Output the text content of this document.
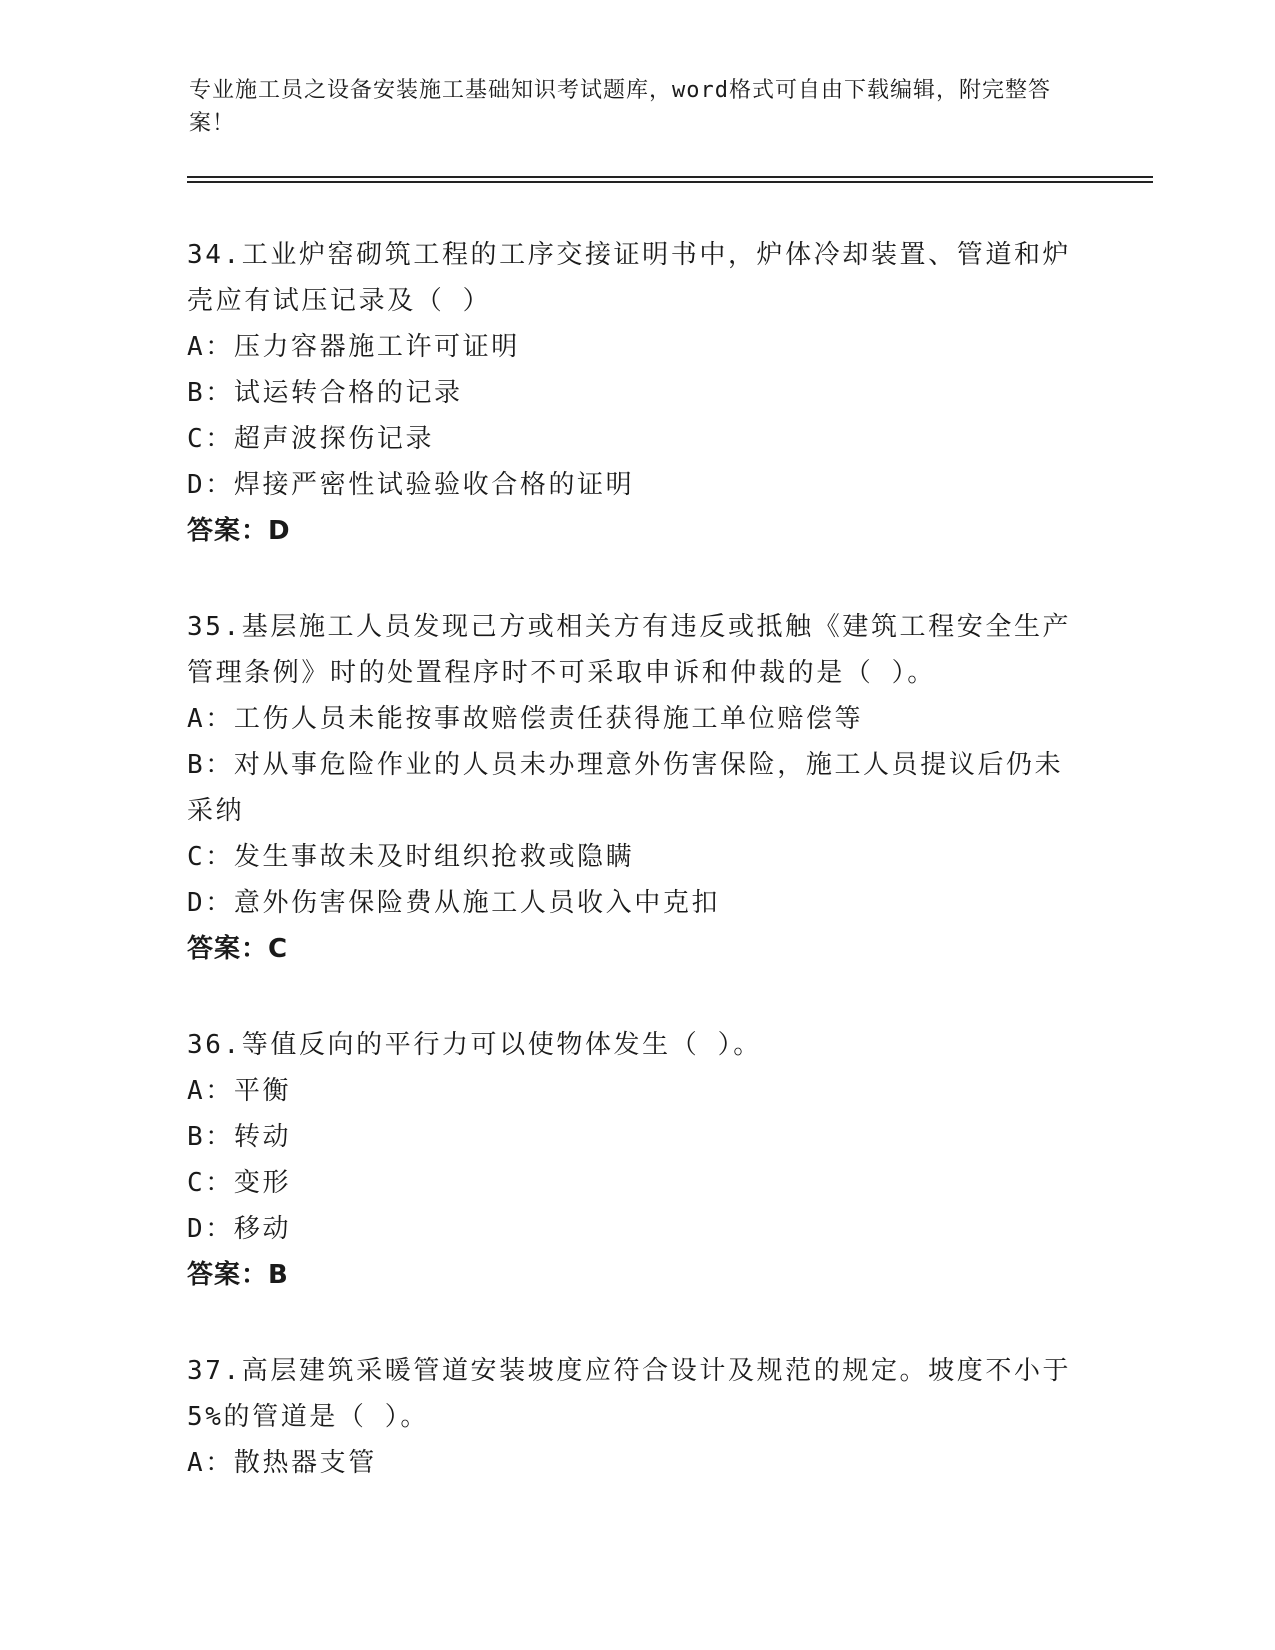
专业施工员之设备安装施工基础知识考试题库，word格式可自由下载编辑，附完整答案！
34.工业炉窑砌筑工程的工序交接证明书中，炉体冷却装置、管道和炉
壳应有试压记录及（ ）
A：压力容器施工许可证明
B：试运转合格的记录
C：超声波探伤记录
D：焊接严密性试验验收合格的证明
答案：D
35.基层施工人员发现己方或相关方有违反或抵触《建筑工程安全生产
管理条例》时的处置程序时不可采取申诉和仲裁的是（ ）。
A：工伤人员未能按事故赔偿责任获得施工单位赔偿等
B：对从事危险作业的人员未办理意外伤害保险，施工人员提议后仍未
采纳
C：发生事故未及时组织抢救或隐瞒
D：意外伤害保险费从施工人员收入中克扣
答案：C
36.等值反向的平行力可以使物体发生（ ）。
A：平衡
B：转动
C：变形
D：移动
答案：B
37.高层建筑采暖管道安装坡度应符合设计及规范的规定。坡度不小于
5%的管道是（ ）。
A：散热器支管
